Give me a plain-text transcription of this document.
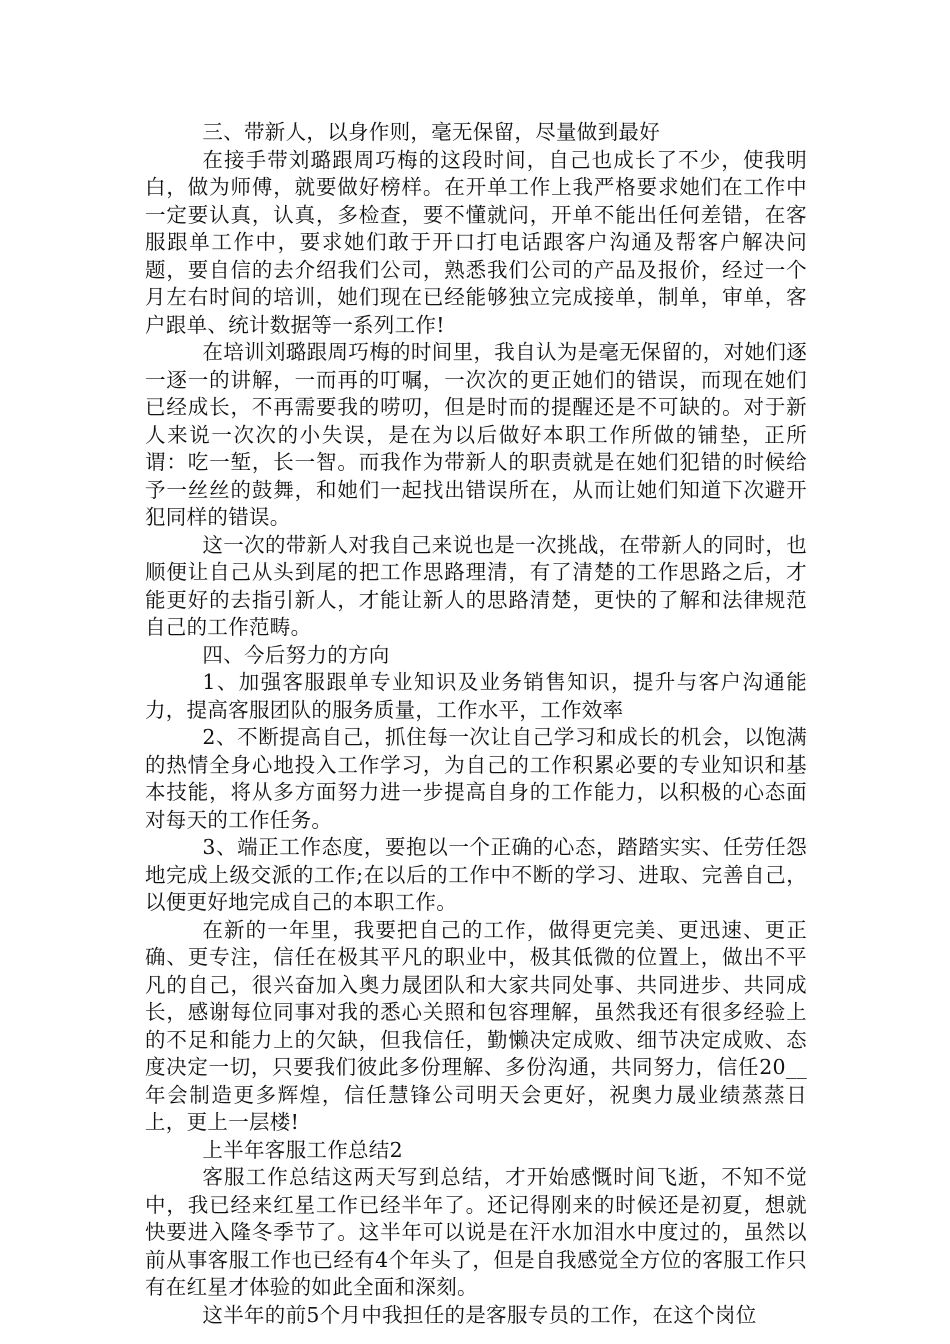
三、带新人，以身作则，毫无保留，尽量做到最好

在接手带刘璐跟周巧梅的这段时间，自己也成长了不少，使我明白，做为师傅，就要做好榜样。在开单工作上我严格要求她们在工作中一定要认真，认真，多检查，要不懂就问，开单不能出任何差错，在客服跟单工作中，要求她们敢于开口打电话跟客户沟通及帮客户解决问题，要自信的去介绍我们公司，熟悉我们公司的产品及报价，经过一个月左右时间的培训，她们现在已经能够独立完成接单，制单，审单，客户跟单、统计数据等一系列工作!

在培训刘璐跟周巧梅的时间里，我自认为是毫无保留的，对她们逐一逐一的讲解，一而再的叮嘱，一次次的更正她们的错误，而现在她们已经成长，不再需要我的唠叨，但是时而的提醒还是不可缺的。对于新人来说一次次的小失误，是在为以后做好本职工作所做的铺垫，正所谓：吃一堑，长一智。而我作为带新人的职责就是在她们犯错的时候给予一丝丝的鼓舞，和她们一起找出错误所在，从而让她们知道下次避开犯同样的错误。

这一次的带新人对我自己来说也是一次挑战，在带新人的同时，也顺便让自己从头到尾的把工作思路理清，有了清楚的工作思路之后，才能更好的去指引新人，才能让新人的思路清楚，更快的了解和法律规范自己的工作范畴。

四、今后努力的方向

1、加强客服跟单专业知识及业务销售知识，提升与客户沟通能力，提高客服团队的服务质量，工作水平，工作效率

2、不断提高自己，抓住每一次让自己学习和成长的机会，以饱满的热情全身心地投入工作学习，为自己的工作积累必要的专业知识和基本技能，将从多方面努力进一步提高自身的工作能力，以积极的心态面对每天的工作任务。

3、端正工作态度，要抱以一个正确的心态，踏踏实实、任劳任怨地完成上级交派的工作;在以后的工作中不断的学习、进取、完善自己，以便更好地完成自己的本职工作。

在新的一年里，我要把自己的工作，做得更完美、更迅速、更正确、更专注，信任在极其平凡的职业中，极其低微的位置上，做出不平凡的自己，很兴奋加入奥力晟团队和大家共同处事、共同进步、共同成长，感谢每位同事对我的悉心关照和包容理解，虽然我还有很多经验上的不足和能力上的欠缺，但我信任，勤懒决定成败、细节决定成败、态度决定一切，只要我们彼此多份理解、多份沟通，共同努力，信任20__年会制造更多辉煌，信任慧锋公司明天会更好，祝奥力晟业绩蒸蒸日上，更上一层楼!

上半年客服工作总结2

客服工作总结这两天写到总结，才开始感慨时间飞逝，不知不觉中，我已经来红星工作已经半年了。还记得刚来的时候还是初夏，想就快要进入隆冬季节了。这半年可以说是在汗水加泪水中度过的，虽然以前从事客服工作也已经有4个年头了，但是自我感觉全方位的客服工作只有在红星才体验的如此全面和深刻。

这半年的前5个月中我担任的是客服专员的工作，在这个岗位
